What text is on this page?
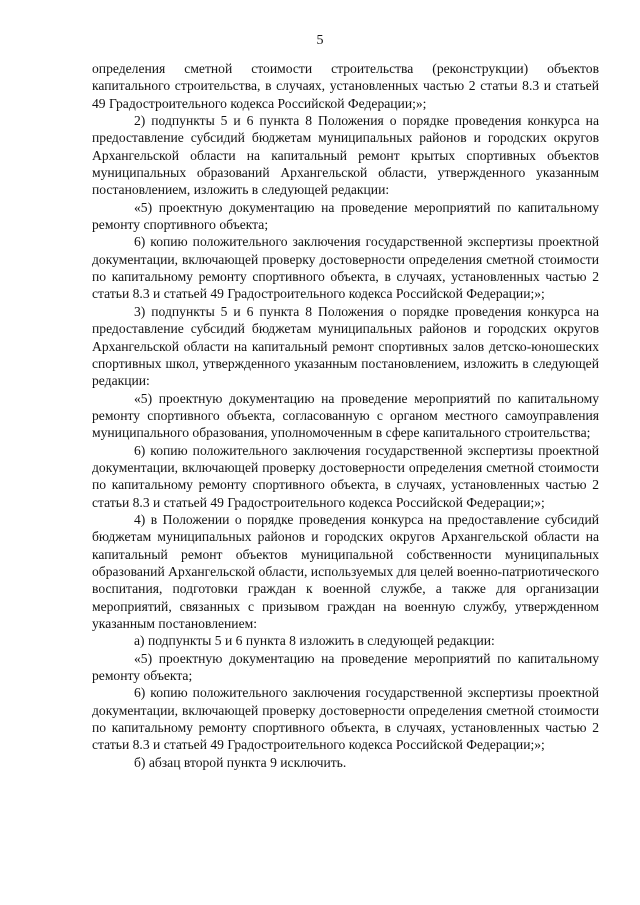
5

определения сметной стоимости строительства (реконструкции) объектов капитального строительства, в случаях, установленных частью 2 статьи 8.3 и статьей 49 Градостроительного кодекса Российской Федерации;»;

2) подпункты 5 и 6 пункта 8 Положения о порядке проведения конкурса на предоставление субсидий бюджетам муниципальных районов и городских округов Архангельской области на капитальный ремонт крытых спортивных объектов муниципальных образований Архангельской области, утвержденного указанным постановлением, изложить в следующей редакции:

«5) проектную документацию на проведение мероприятий по капитальному ремонту спортивного объекта;

6) копию положительного заключения государственной экспертизы проектной документации, включающей проверку достоверности определения сметной стоимости по капитальному ремонту спортивного объекта, в случаях, установленных частью 2 статьи 8.3 и статьей 49 Градостроительного кодекса Российской Федерации;»;

3) подпункты 5 и 6 пункта 8 Положения о порядке проведения конкурса на предоставление субсидий бюджетам муниципальных районов и городских округов Архангельской области на капитальный ремонт спортивных залов детско-юношеских спортивных школ, утвержденного указанным постановлением, изложить в следующей редакции:

«5) проектную документацию на проведение мероприятий по капитальному ремонту спортивного объекта, согласованную с органом местного самоуправления муниципального образования, уполномоченным в сфере капитального строительства;

6) копию положительного заключения государственной экспертизы проектной документации, включающей проверку достоверности определения сметной стоимости по капитальному ремонту спортивного объекта, в случаях, установленных частью 2 статьи 8.3 и статьей 49 Градостроительного кодекса Российской Федерации;»;

4) в Положении о порядке проведения конкурса на предоставление субсидий бюджетам муниципальных районов и городских округов Архангельской области на капитальный ремонт объектов муниципальной собственности муниципальных образований Архангельской области, используемых для целей военно-патриотического воспитания, подготовки граждан к военной службе, а также для организации мероприятий, связанных с призывом граждан на военную службу, утвержденном указанным постановлением:

а) подпункты 5 и 6 пункта 8 изложить в следующей редакции:

«5) проектную документацию на проведение мероприятий по капитальному ремонту объекта;

6) копию положительного заключения государственной экспертизы проектной документации, включающей проверку достоверности определения сметной стоимости по капитальному ремонту спортивного объекта, в случаях, установленных частью 2 статьи 8.3 и статьей 49 Градостроительного кодекса Российской Федерации;»;

б) абзац второй пункта 9 исключить.
